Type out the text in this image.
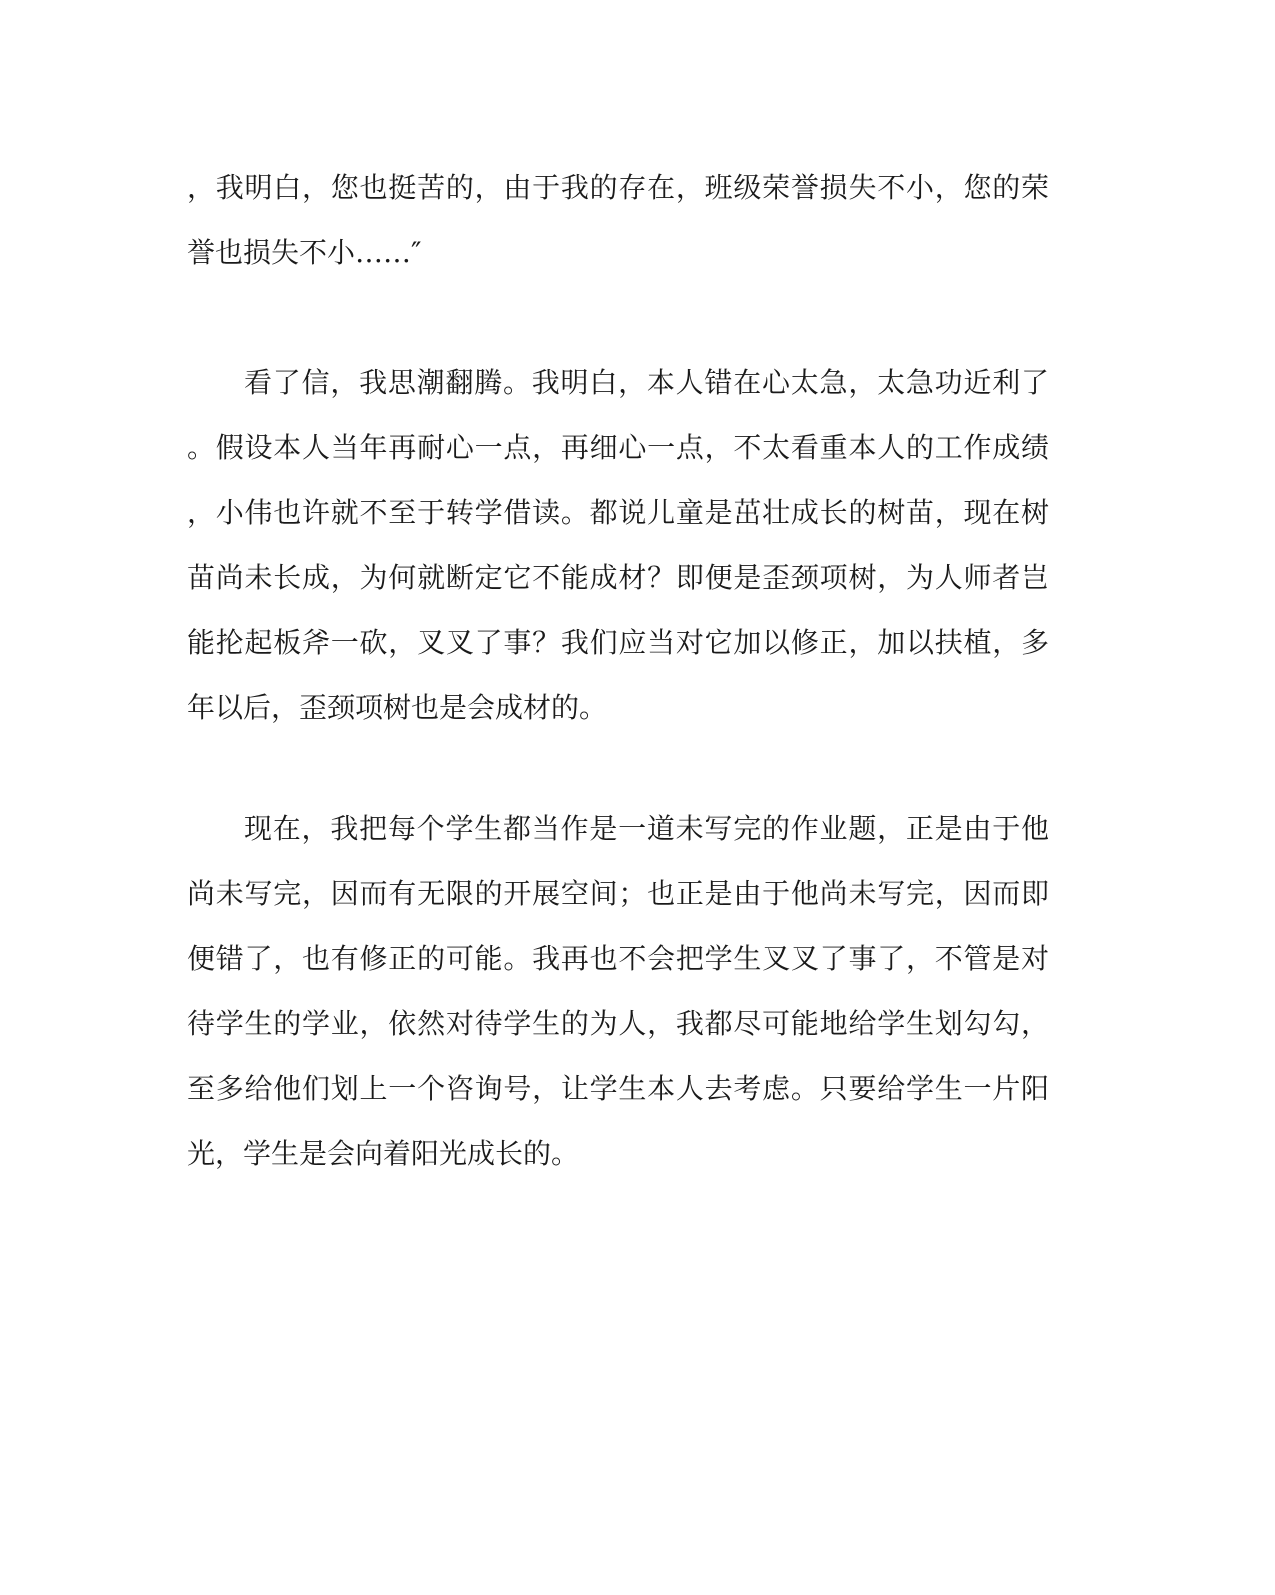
，我明白，您也挺苦的，由于我的存在，班级荣誉损失不小，您的荣
誉也损失不小……″
看了信，我思潮翻腾。我明白，本人错在心太急，太急功近利了
。假设本人当年再耐心一点，再细心一点，不太看重本人的工作成绩
，小伟也许就不至于转学借读。都说儿童是茁壮成长的树苗，现在树
苗尚未长成，为何就断定它不能成材？即便是歪颈项树，为人师者岂
能抡起板斧一砍，叉叉了事？我们应当对它加以修正，加以扶植，多
年以后，歪颈项树也是会成材的。
现在，我把每个学生都当作是一道未写完的作业题，正是由于他
尚未写完，因而有无限的开展空间；也正是由于他尚未写完，因而即
便错了，也有修正的可能。我再也不会把学生叉叉了事了，不管是对
待学生的学业，依然对待学生的为人，我都尽可能地给学生划勾勾，
至多给他们划上一个咨询号，让学生本人去考虑。只要给学生一片阳
光，学生是会向着阳光成长的。
